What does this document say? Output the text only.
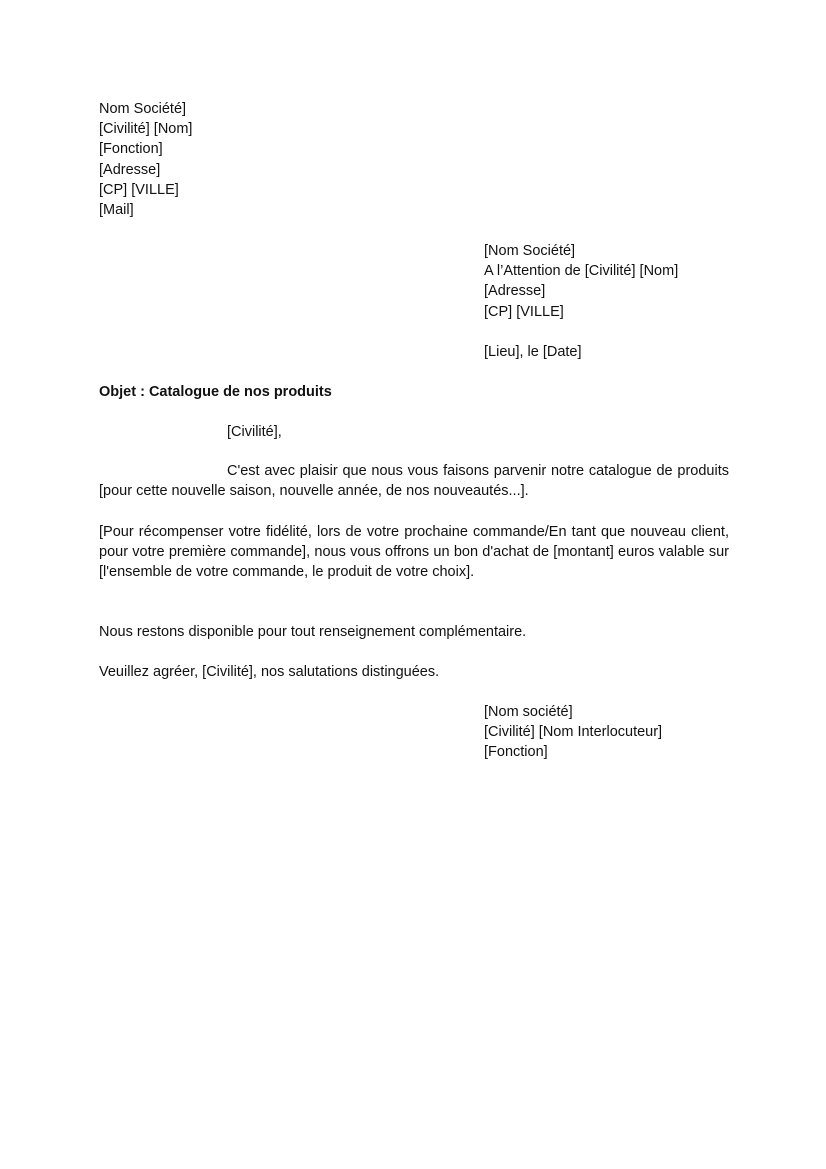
Nom Société]
[Civilité] [Nom]
[Fonction]
[Adresse]
[CP] [VILLE]
[Mail]
[Nom Société]
A l’Attention de [Civilité] [Nom]
[Adresse]
[CP] [VILLE]
[Lieu], le [Date]
Objet : Catalogue de nos produits
[Civilité],

C'est avec plaisir que nous vous faisons parvenir notre catalogue de produits [pour cette nouvelle saison, nouvelle année, de nos nouveautés...].

[Pour récompenser votre fidélité, lors de votre prochaine commande/En tant que nouveau client, pour votre première commande], nous vous offrons un bon d'achat de [montant] euros valable sur [l'ensemble de votre commande, le produit de votre choix].

Nous restons disponible pour tout renseignement complémentaire.

Veuillez agréer, [Civilité], nos salutations distinguées.

[Nom société]
[Civilité] [Nom Interlocuteur]
[Fonction]
